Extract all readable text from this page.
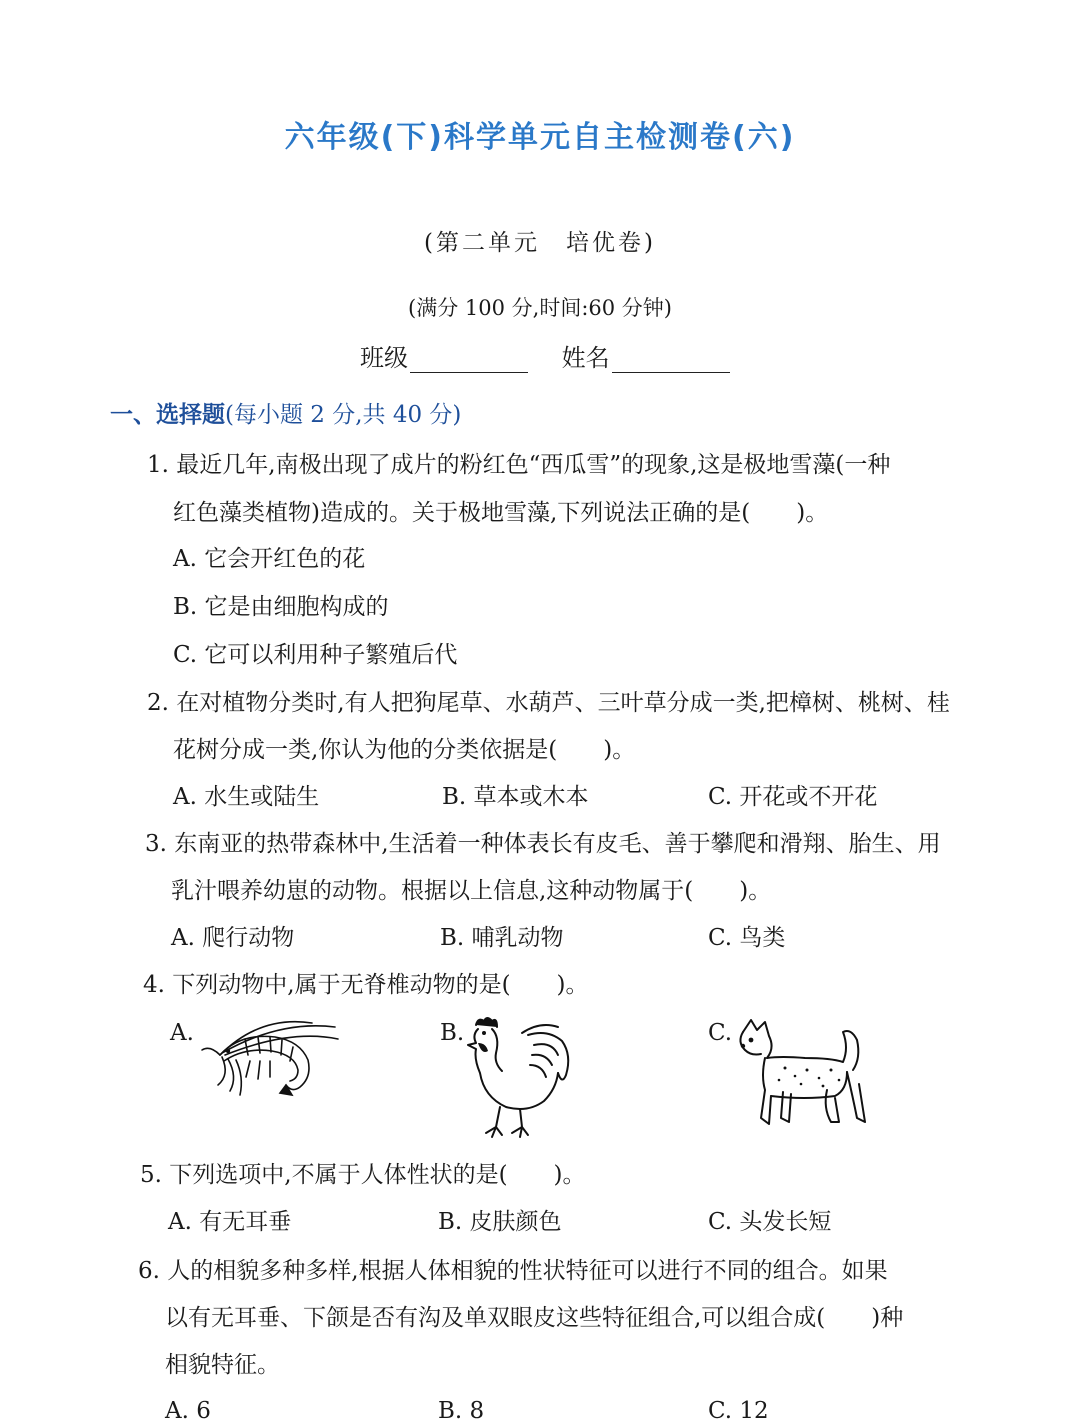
六年级(下)科学单元自主检测卷(六)
(第二单元　培优卷)
(满分 100 分,时间:60 分钟)
班级	姓名
一、选择题(每小题 2 分,共 40 分)
1. 最近几年,南极出现了成片的粉红色“西瓜雪”的现象,这是极地雪藻(一种
红色藻类植物)造成的。关于极地雪藻,下列说法正确的是(　　)。
A. 它会开红色的花
B. 它是由细胞构成的
C. 它可以利用种子繁殖后代
2. 在对植物分类时,有人把狗尾草、水葫芦、三叶草分成一类,把樟树、桃树、桂
花树分成一类,你认为他的分类依据是(　　)。
A. 水生或陆生	B. 草本或木本	C. 开花或不开花
3. 东南亚的热带森林中,生活着一种体表长有皮毛、善于攀爬和滑翔、胎生、用
乳汁喂养幼崽的动物。根据以上信息,这种动物属于(　　)。
A. 爬行动物	B. 哺乳动物	C. 鸟类
4. 下列动物中,属于无脊椎动物的是(　　)。
A.	B.	C.
5. 下列选项中,不属于人体性状的是(　　)。
A. 有无耳垂	B. 皮肤颜色	C. 头发长短
6. 人的相貌多种多样,根据人体相貌的性状特征可以进行不同的组合。如果
以有无耳垂、下颌是否有沟及单双眼皮这些特征组合,可以组合成(　　)种
相貌特征。
A. 6	B. 8	C. 12
